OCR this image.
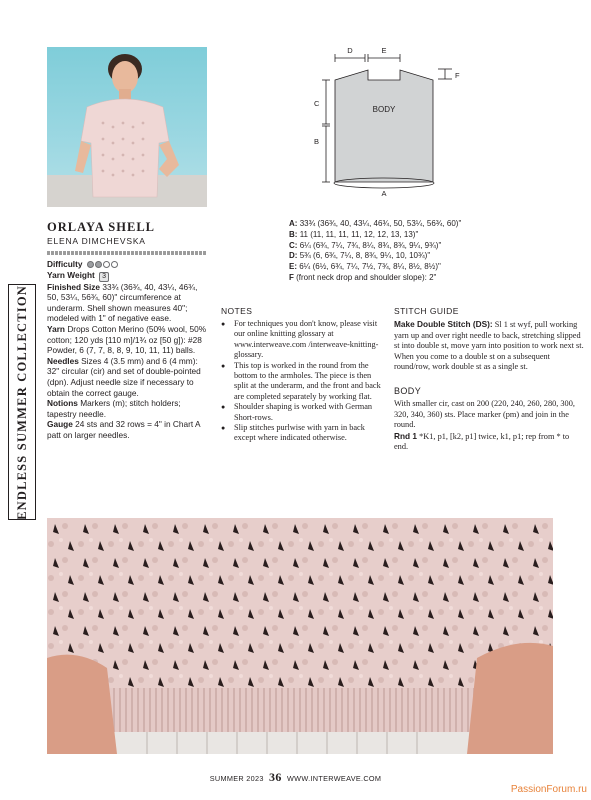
ENDLESS SUMMER COLLECTION
BODY
D	E
F
C
B
A
ORLAYA SHELL
ELENA DIMCHEVSKA

Difficulty

Yarn Weight 3

Finished Size 33¾ (36¾, 40, 43¼, 46¾, 50, 53¼, 56¾, 60)" circumference at underarm. Shell shown measures 40"; modeled with 1" of negative ease.

Yarn Drops Cotton Merino (50% wool, 50% cotton; 120 yds [110 m]/1¾ oz [50 g]): #28 Powder, 6 (7, 7, 8, 8, 9, 10, 11, 11) balls.

Needles Sizes 4 (3.5 mm) and 6 (4 mm): 32" circular (cir) and set of double-pointed (dpn). Adjust needle size if necessary to obtain the correct gauge.

Notions Markers (m); stitch holders; tapestry needle.

Gauge 24 sts and 32 rows = 4" in Chart A patt on larger needles.

A: 33¾ (36¾, 40, 43¼, 46¾, 50, 53¼, 56¾, 60)"
B: 11 (11, 11, 11, 11, 12, 12, 13, 13)"
C: 6¼ (6¾, 7¼, 7¾, 8¼, 8¾, 8¾, 9¼, 9¾)"
D: 5¾ (6, 6¾, 7¼, 8, 8¾, 9¼, 10, 10¾)"
E: 6¼ (6½, 6¾, 7¼, 7½, 7¾, 8¼, 8½, 8½)"
F (front neck drop and shoulder slope): 2"
NOTES
● For techniques you don't know, please visit our online knitting glossary at www.interweave.com /interweave-knitting-glossary.
● This top is worked in the round from the bottom to the armholes. The piece is then split at the underarm, and the front and back are completed separately by working flat.
● Shoulder shaping is worked with German Short-rows.
● Slip stitches purlwise with yarn in back except where indicated otherwise.
STITCH GUIDE

Make Double Stitch (DS): Sl 1 st wyf, pull working yarn up and over right needle to back, stretching slipped st into double st, move yarn into position to work next st. When you come to a double st on a subsequent round/row, work double st as a single st.

BODY

With smaller cir, cast on 200 (220, 240, 260, 280, 300, 320, 340, 360) sts. Place marker (pm) and join in the round.

Rnd 1 *K1, p1, [k2, p1] twice, k1, p1; rep from * to end.

SUMMER 2023 36 WWW.INTERWEAVE.COM
PassionForum.ru
